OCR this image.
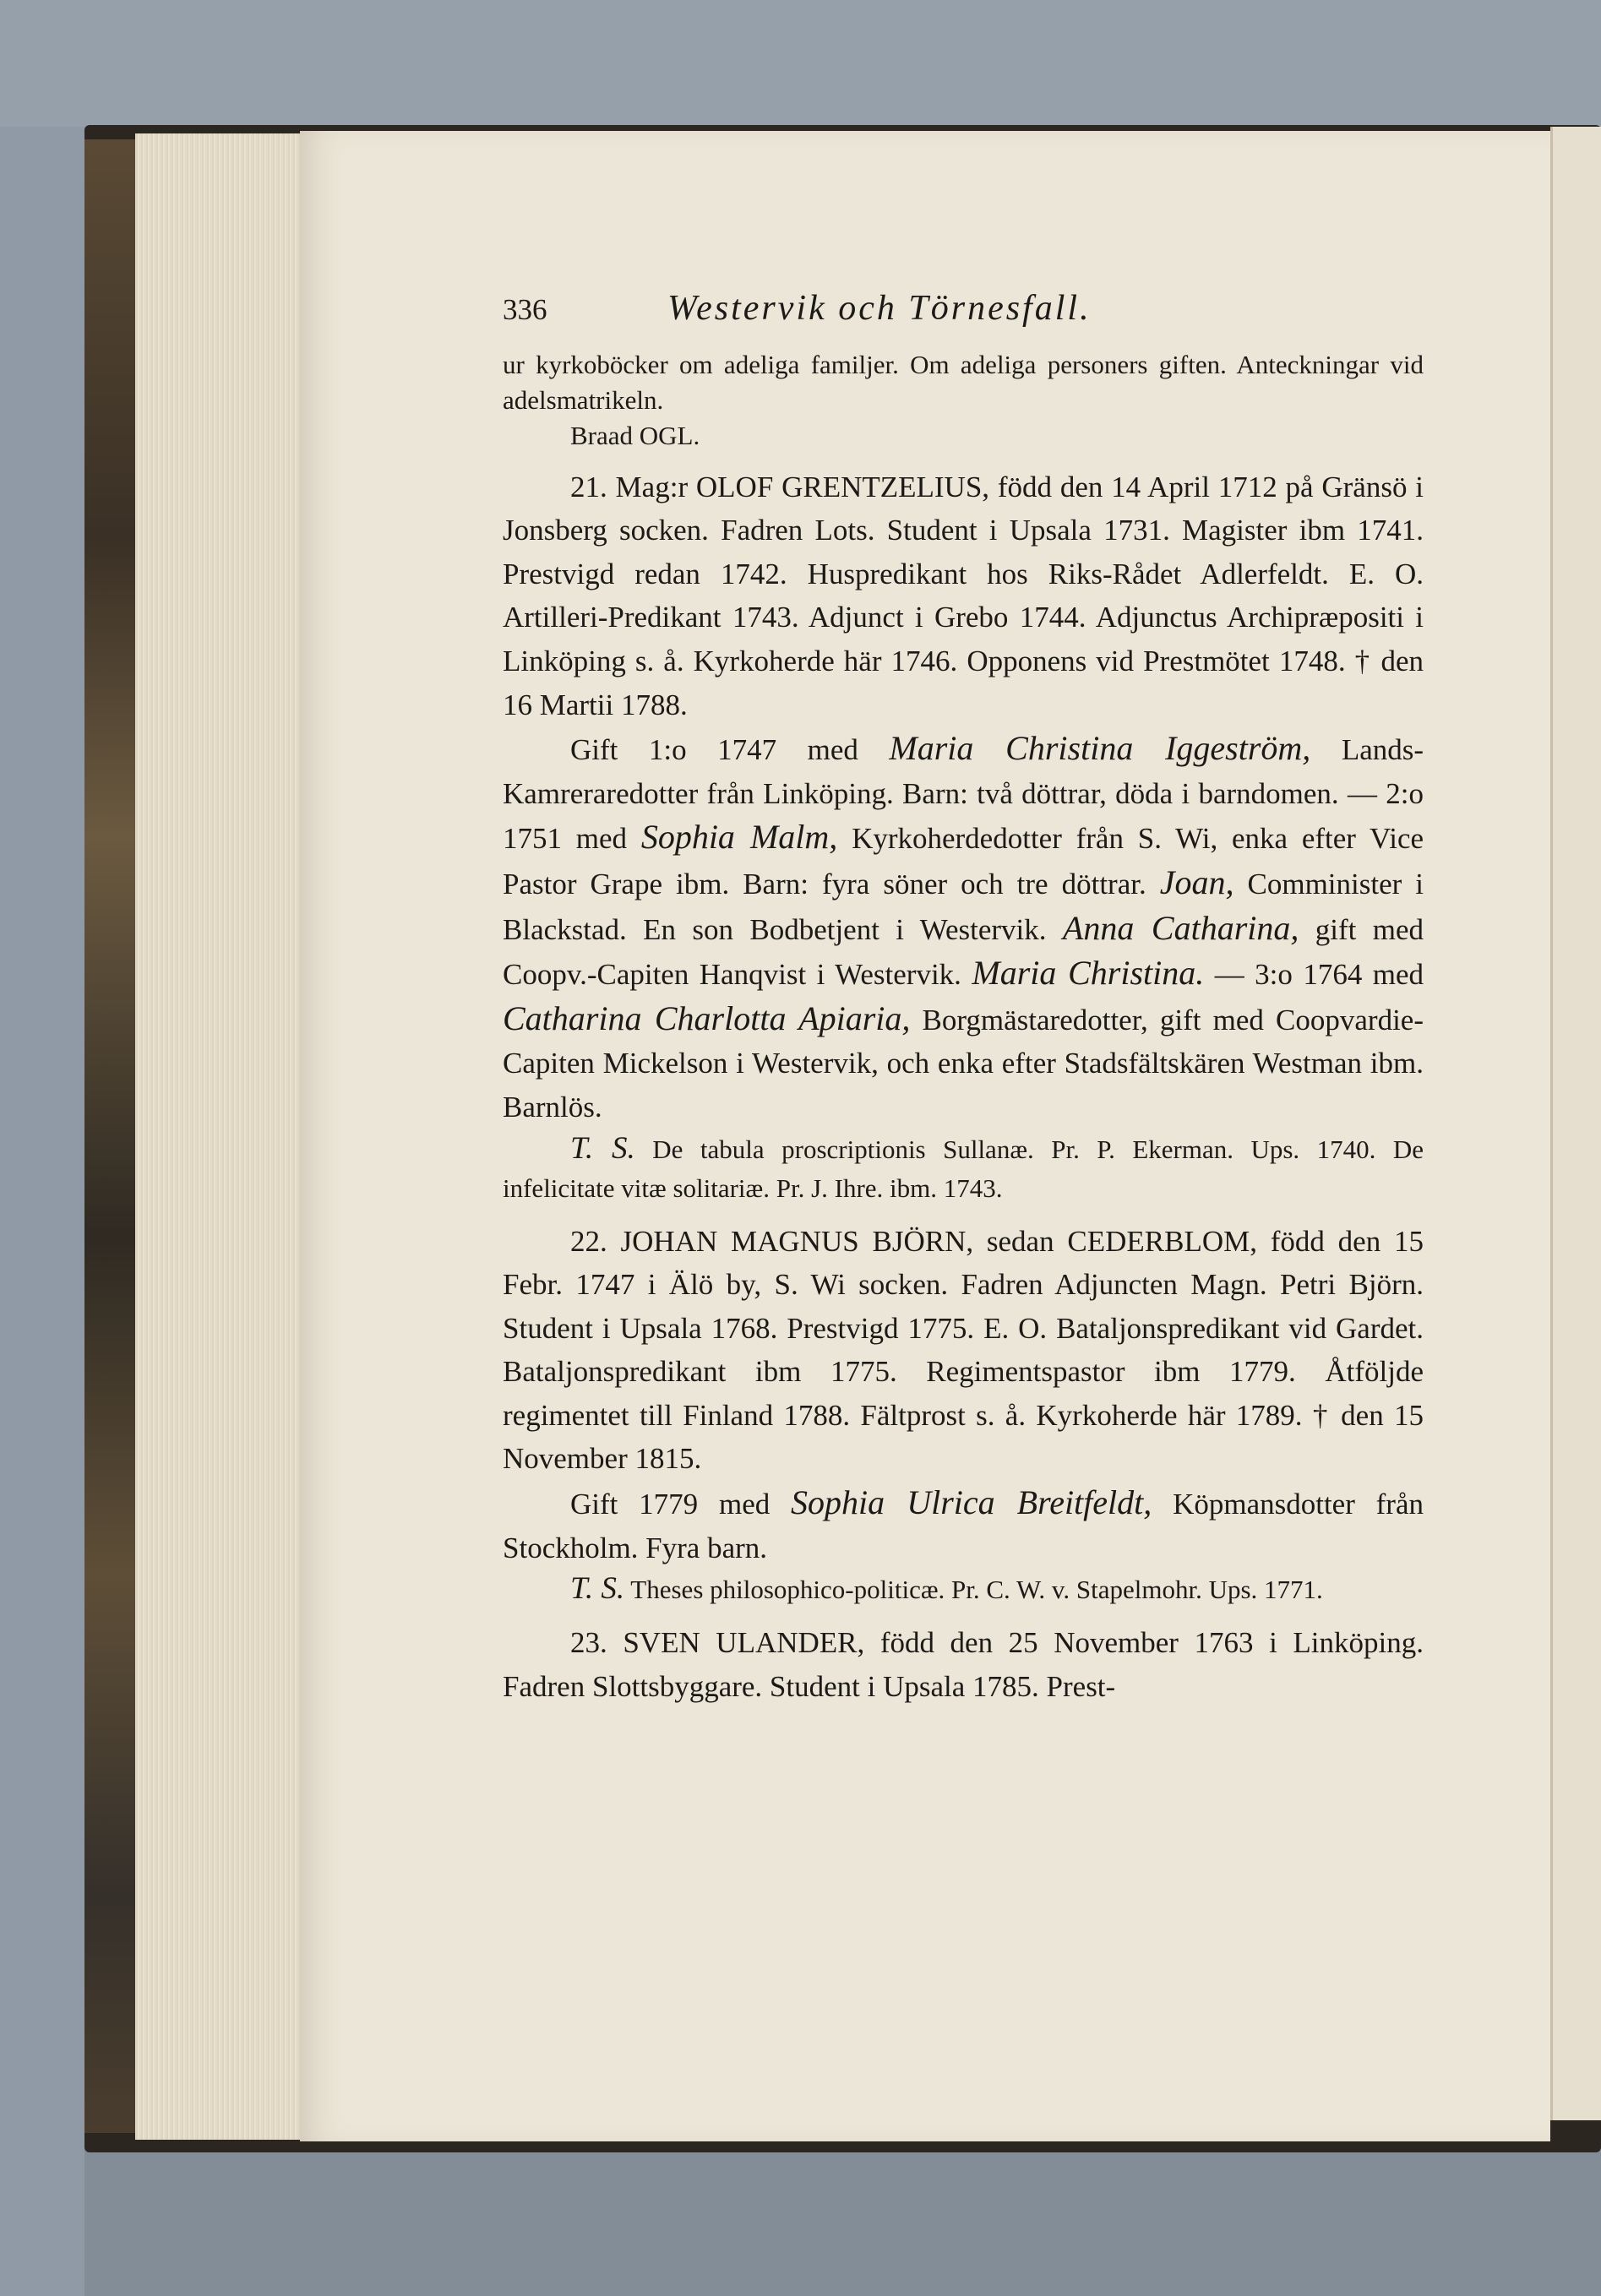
336	Westervik och Törnesfall.

ur kyrkoböcker om adeliga familjer. Om adeliga personers giften. Anteckningar vid adelsmatrikeln.

Braad OGL.

21. Mag:r OLOF GRENTZELIUS, född den 14 April 1712 på Gränsö i Jonsberg socken. Fadren Lots. Student i Upsala 1731. Magister ibm 1741. Prestvigd redan 1742. Huspredikant hos Riks-Rådet Adlerfeldt. E. O. Artilleri-Predikant 1743. Adjunct i Grebo 1744. Adjunctus Archipræpositi i Linköping s. å. Kyrkoherde här 1746. Opponens vid Prestmötet 1748. † den 16 Martii 1788.

Gift 1:o 1747 med Maria Christina Iggeström, Lands-Kamreraredotter från Linköping. Barn: två döttrar, döda i barndomen. — 2:o 1751 med Sophia Malm, Kyrkoherdedotter från S. Wi, enka efter Vice Pastor Grape ibm. Barn: fyra söner och tre döttrar. Joan, Comminister i Blackstad. En son Bodbetjent i Westervik. Anna Catharina, gift med Coopv.-Capiten Hanqvist i Westervik. Maria Christina. — 3:o 1764 med Catharina Charlotta Apiaria, Borgmästaredotter, gift med Coopvardie-Capiten Mickelson i Westervik, och enka efter Stadsfältskären Westman ibm. Barnlös.

T. S. De tabula proscriptionis Sullanæ. Pr. P. Ekerman. Ups. 1740. De infelicitate vitæ solitariæ. Pr. J. Ihre. ibm. 1743.

22. JOHAN MAGNUS BJÖRN, sedan CEDERBLOM, född den 15 Febr. 1747 i Älö by, S. Wi socken. Fadren Adjuncten Magn. Petri Björn. Student i Upsala 1768. Prestvigd 1775. E. O. Bataljonspredikant vid Gardet. Bataljonspredikant ibm 1775. Regimentspastor ibm 1779. Åtföljde regimentet till Finland 1788. Fältprost s. å. Kyrkoherde här 1789. † den 15 November 1815.

Gift 1779 med Sophia Ulrica Breitfeldt, Köpmansdotter från Stockholm. Fyra barn.

T. S. Theses philosophico-politicæ. Pr. C. W. v. Stapelmohr. Ups. 1771.

23. SVEN ULANDER, född den 25 November 1763 i Linköping. Fadren Slottsbyggare. Student i Upsala 1785. Prest-
